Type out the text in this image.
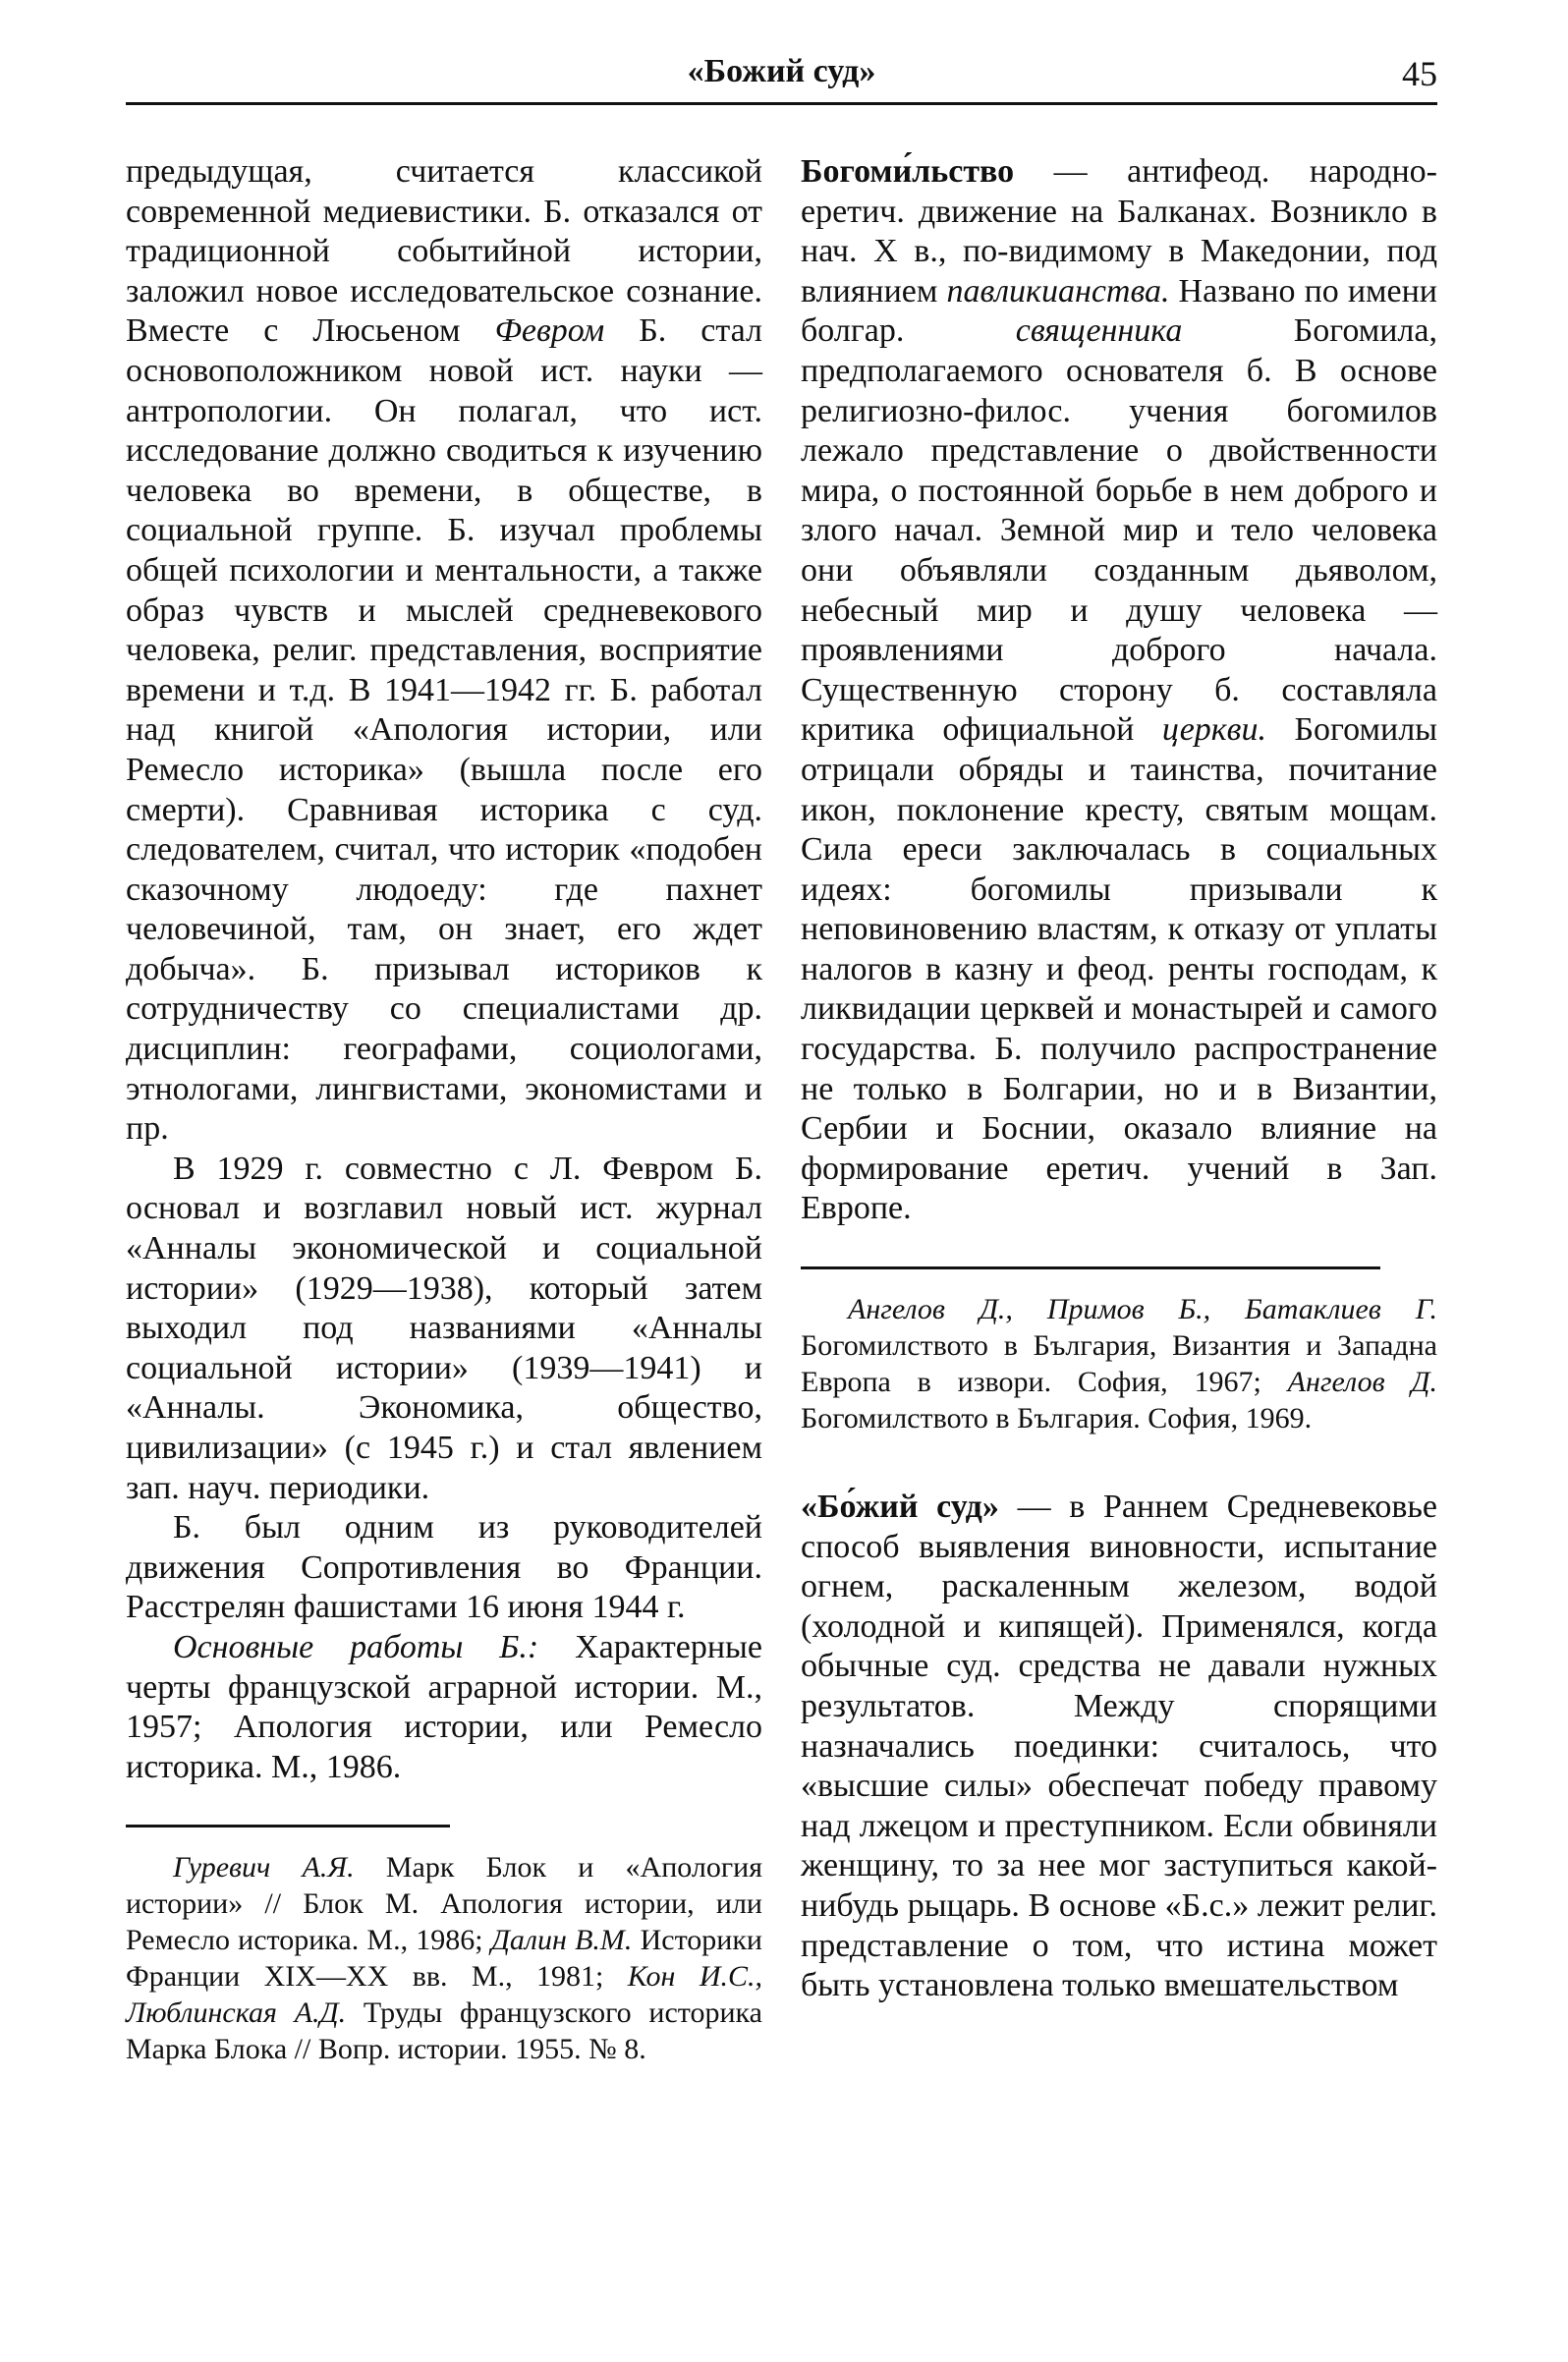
«Божий суд»	45

предыдущая, считается классикой современной медиевистики. Б. отказался от традиционной событийной истории, заложил новое исследовательское сознание. Вместе с Люсьеном Февром Б. стал основоположником новой ист. науки — антропологии. Он полагал, что ист. исследование должно сводиться к изучению человека во времени, в обществе, в социальной группе. Б. изучал проблемы общей психологии и ментальности, а также образ чувств и мыслей средневекового человека, религ. представления, восприятие времени и т.д. В 1941—1942 гг. Б. работал над книгой «Апология истории, или Ремесло историка» (вышла после его смерти). Сравнивая историка с суд. следователем, считал, что историк «подобен сказочному людоеду: где пахнет человечиной, там, он знает, его ждет добыча». Б. призывал историков к сотрудничеству со специалистами др. дисциплин: географами, социологами, этнологами, лингвистами, экономистами и пр.

В 1929 г. совместно с Л. Февром Б. основал и возглавил новый ист. журнал «Анналы экономической и социальной истории» (1929—1938), который затем выходил под названиями «Анналы социальной истории» (1939—1941) и «Анналы. Экономика, общество, цивилизации» (с 1945 г.) и стал явлением зап. науч. периодики.

Б. был одним из руководителей движения Сопротивления во Франции. Расстрелян фашистами 16 июня 1944 г.

Основные работы Б.: Характерные черты французской аграрной истории. М., 1957; Апология истории, или Ремесло историка. М., 1986.

Гуревич А.Я. Марк Блок и «Апология истории» // Блок М. Апология истории, или Ремесло историка. М., 1986; Далин В.М. Историки Франции XIX—XX вв. М., 1981; Кон И.С., Люблинская А.Д. Труды французского историка Марка Блока // Вопр. истории. 1955. № 8.

Богоми́льство — антифеод. народно-еретич. движение на Балканах. Возникло в нач. X в., по-видимому в Македонии, под влиянием павликианства. Названо по имени болгар. священника Богомила, предполагаемого основателя б. В основе религиозно-филос. учения богомилов лежало представление о двойственности мира, о постоянной борьбе в нем доброго и злого начал. Земной мир и тело человека они объявляли созданным дьяволом, небесный мир и душу человека — проявлениями доброго начала. Существенную сторону б. составляла критика официальной церкви. Богомилы отрицали обряды и таинства, почитание икон, поклонение кресту, святым мощам. Сила ереси заключалась в социальных идеях: богомилы призывали к неповиновению властям, к отказу от уплаты налогов в казну и феод. ренты господам, к ликвидации церквей и монастырей и самого государства. Б. получило распространение не только в Болгарии, но и в Византии, Сербии и Боснии, оказало влияние на формирование еретич. учений в Зап. Европе.

Ангелов Д., Примов Б., Батаклиев Г. Богомилството в България, Византия и Западна Европа в извори. София, 1967; Ангелов Д. Богомилството в България. София, 1969.

«Бо́жий суд» — в Раннем Средневековье способ выявления виновности, испытание огнем, раскаленным железом, водой (холодной и кипящей). Применялся, когда обычные суд. средства не давали нужных результатов. Между спорящими назначались поединки: считалось, что «высшие силы» обеспечат победу правому над лжецом и преступником. Если обвиняли женщину, то за нее мог заступиться какой-нибудь рыцарь. В основе «Б.с.» лежит религ. представление о том, что истина может быть установлена только вмешательством
